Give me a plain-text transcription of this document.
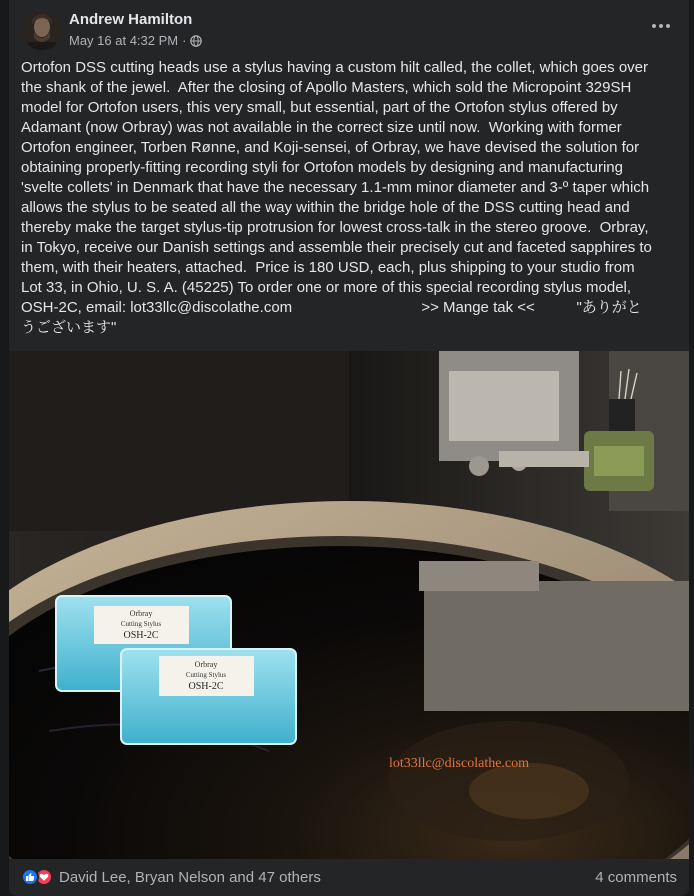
Andrew Hamilton
May 16 at 4:32 PM ·
Ortofon DSS cutting heads use a stylus having a custom hilt called, the collet, which goes over
the shank of the jewel.  After the closing of Apollo Masters, which sold the Micropoint 329SH
model for Ortofon users, this very small, but essential, part of the Ortofon stylus offered by
Adamant (now Orbray) was not available in the correct size until now.  Working with former
Ortofon engineer, Torben Rønne, and Koji-sensei, of Orbray, we have devised the solution for
obtaining properly-fitting recording styli for Ortofon models by designing and manufacturing
'svelte collets' in Denmark that have the necessary 1.1-mm minor diameter and 3-º taper which
allows the stylus to be seated all the way within the bridge hole of the DSS cutting head and
thereby make the target stylus-tip protrusion for lowest cross-talk in the stereo groove.  Orbray,
in Tokyo, receive our Danish settings and assemble their precisely cut and faceted sapphires to
them, with their heaters, attached.  Price is 180 USD, each, plus shipping to your studio from
Lot 33, in Ohio, U. S. A. (45225) To order one or more of this special recording stylus model,
OSH-2C, email: lot33llc@discolathe.com                               >> Mange tak <<          "ありがと
うございます"
Orbray
Cutting Stylus
OSH-2C
Orbray
Cutting Stylus
OSH-2C
lot33llc@discolathe.com
David Lee, Bryan Nelson and 47 others	4 comments
